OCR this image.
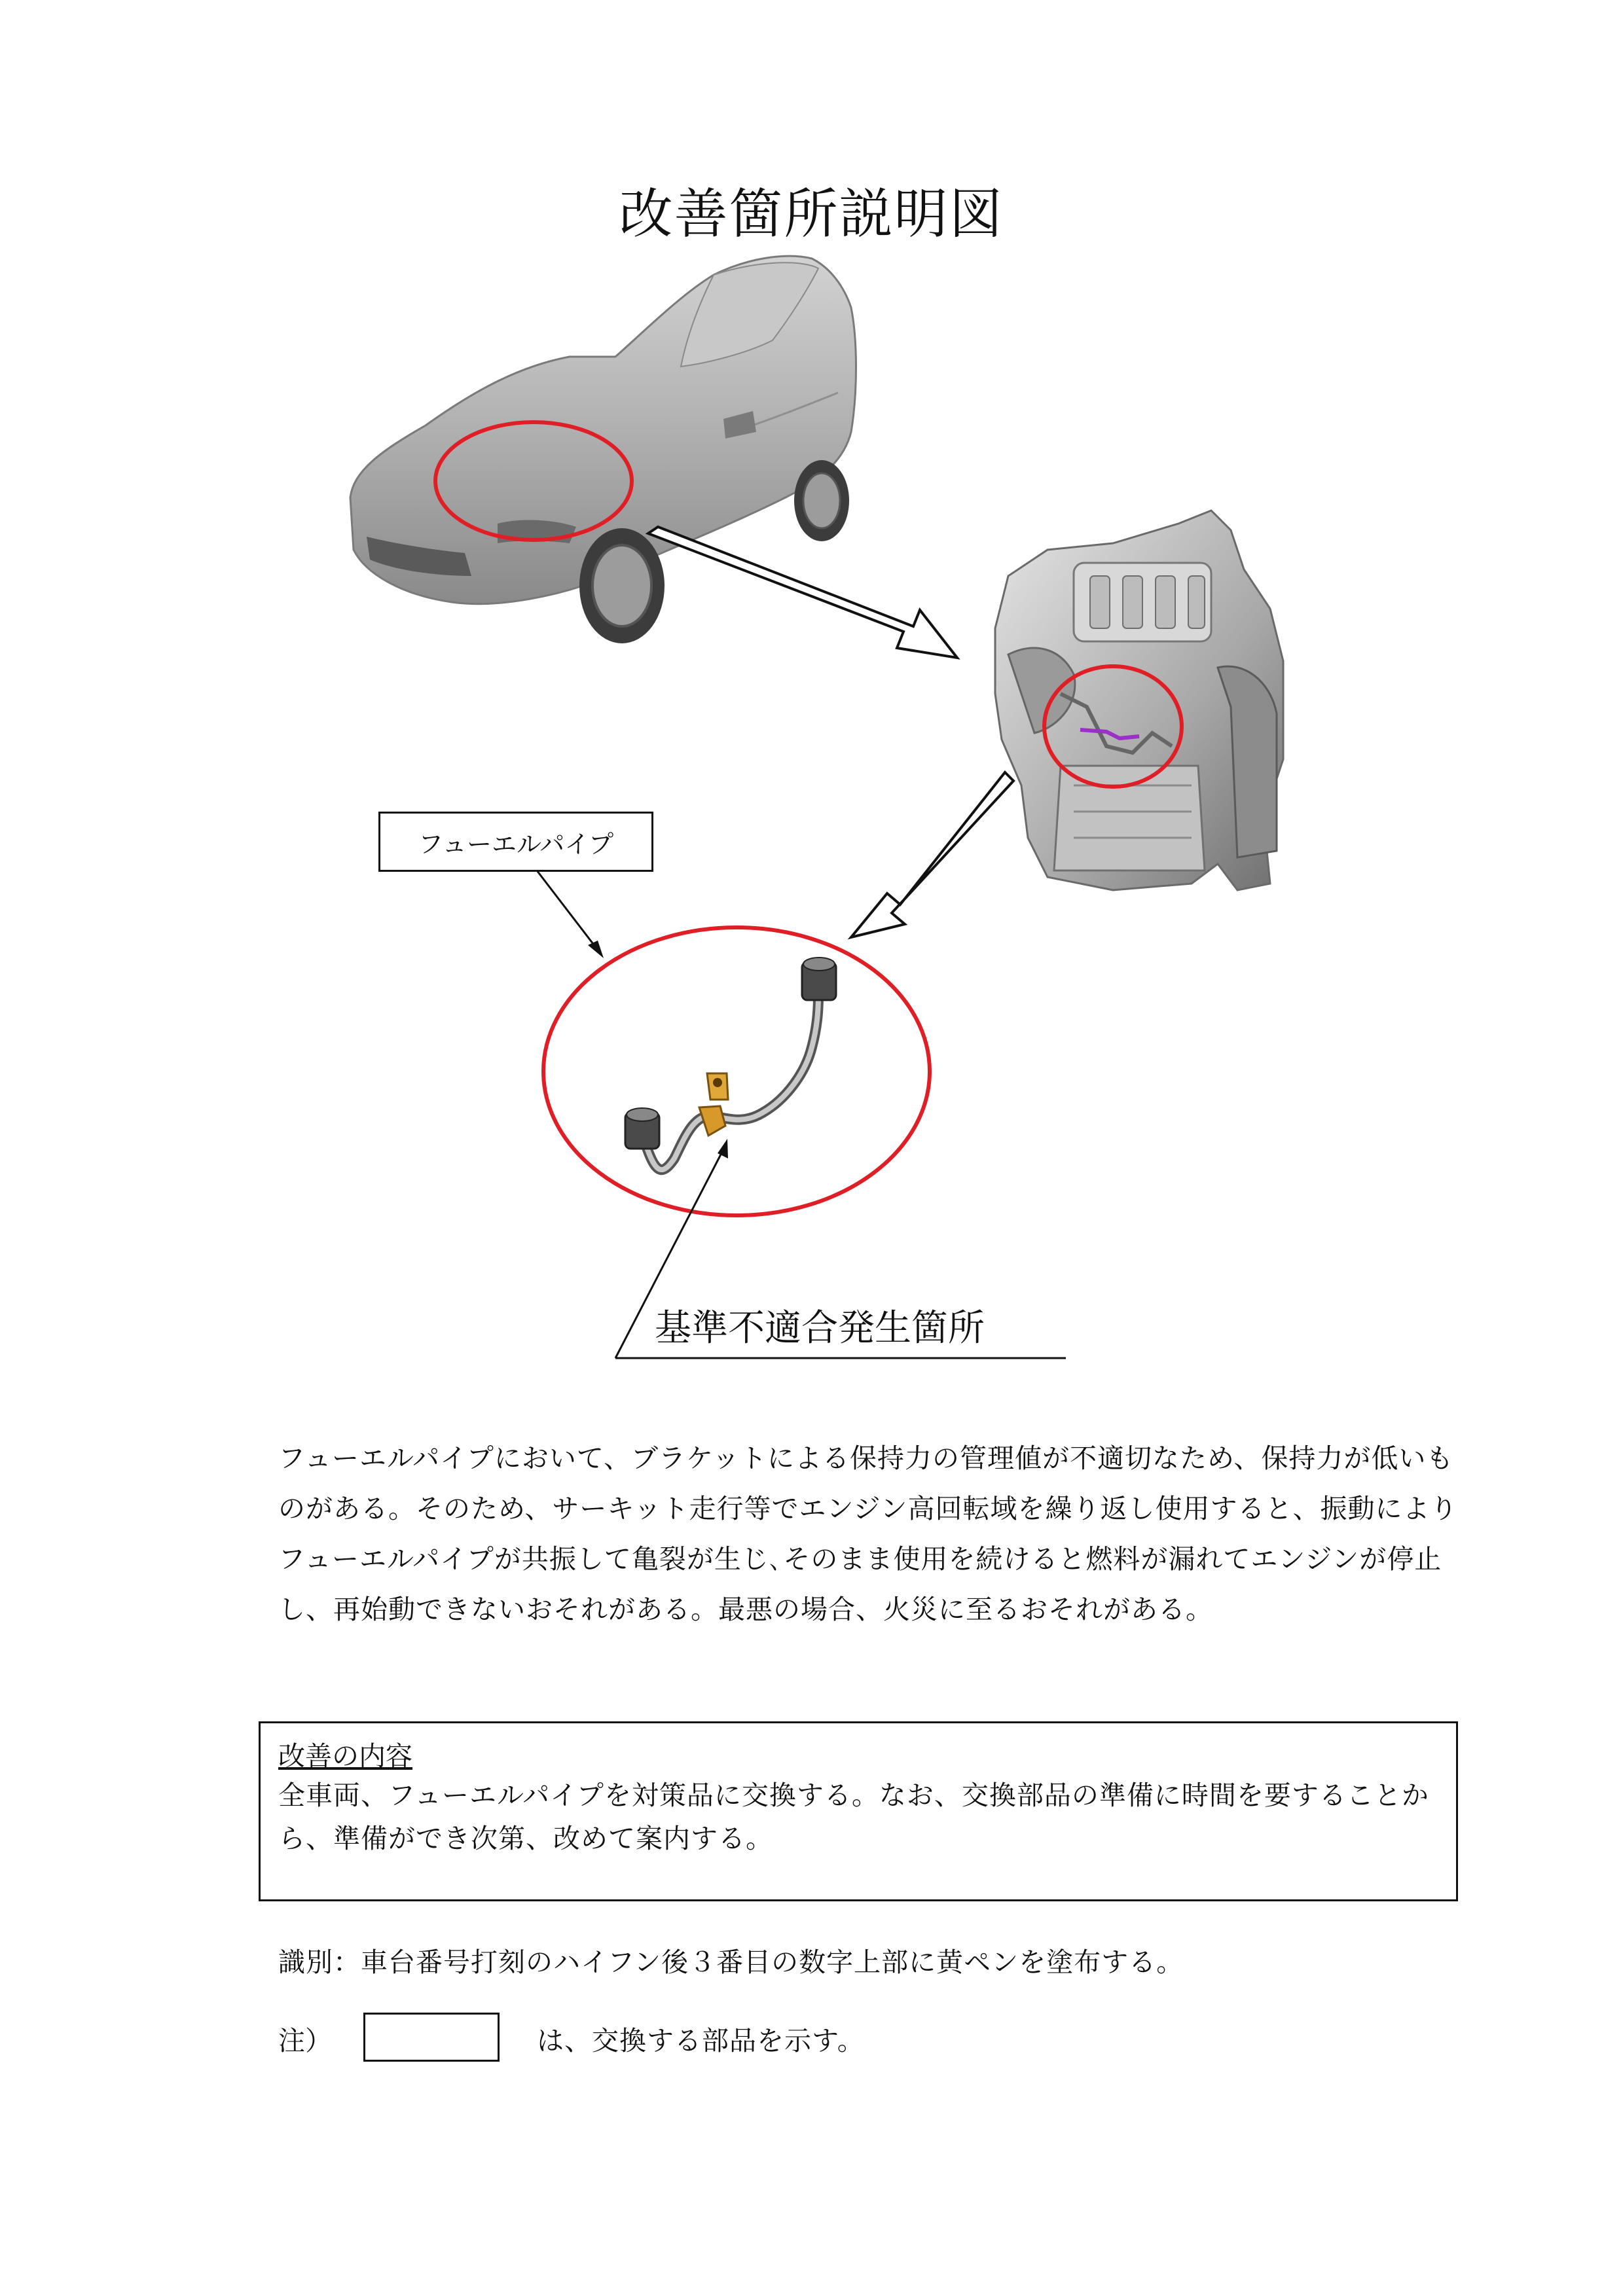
改善箇所説明図
フューエルパイプ
基準不適合発生箇所
フューエルパイプにおいて、ブラケットによる保持力の管理値が不適切なため、保持力が低いものがある。そのため、サーキット走行等でエンジン高回転域を繰り返し使用すると、振動によりフューエルパイプが共振して亀裂が生じ､そのまま使用を続けると燃料が漏れてエンジンが停止し、再始動できないおそれがある。最悪の場合、火災に至るおそれがある。
改善の内容
全車両、フューエルパイプを対策品に交換する。なお、交換部品の準備に時間を要することから、準備ができ次第、改めて案内する。
識別：車台番号打刻のハイフン後３番目の数字上部に黄ペンを塗布する。
注）	は、交換する部品を示す。
